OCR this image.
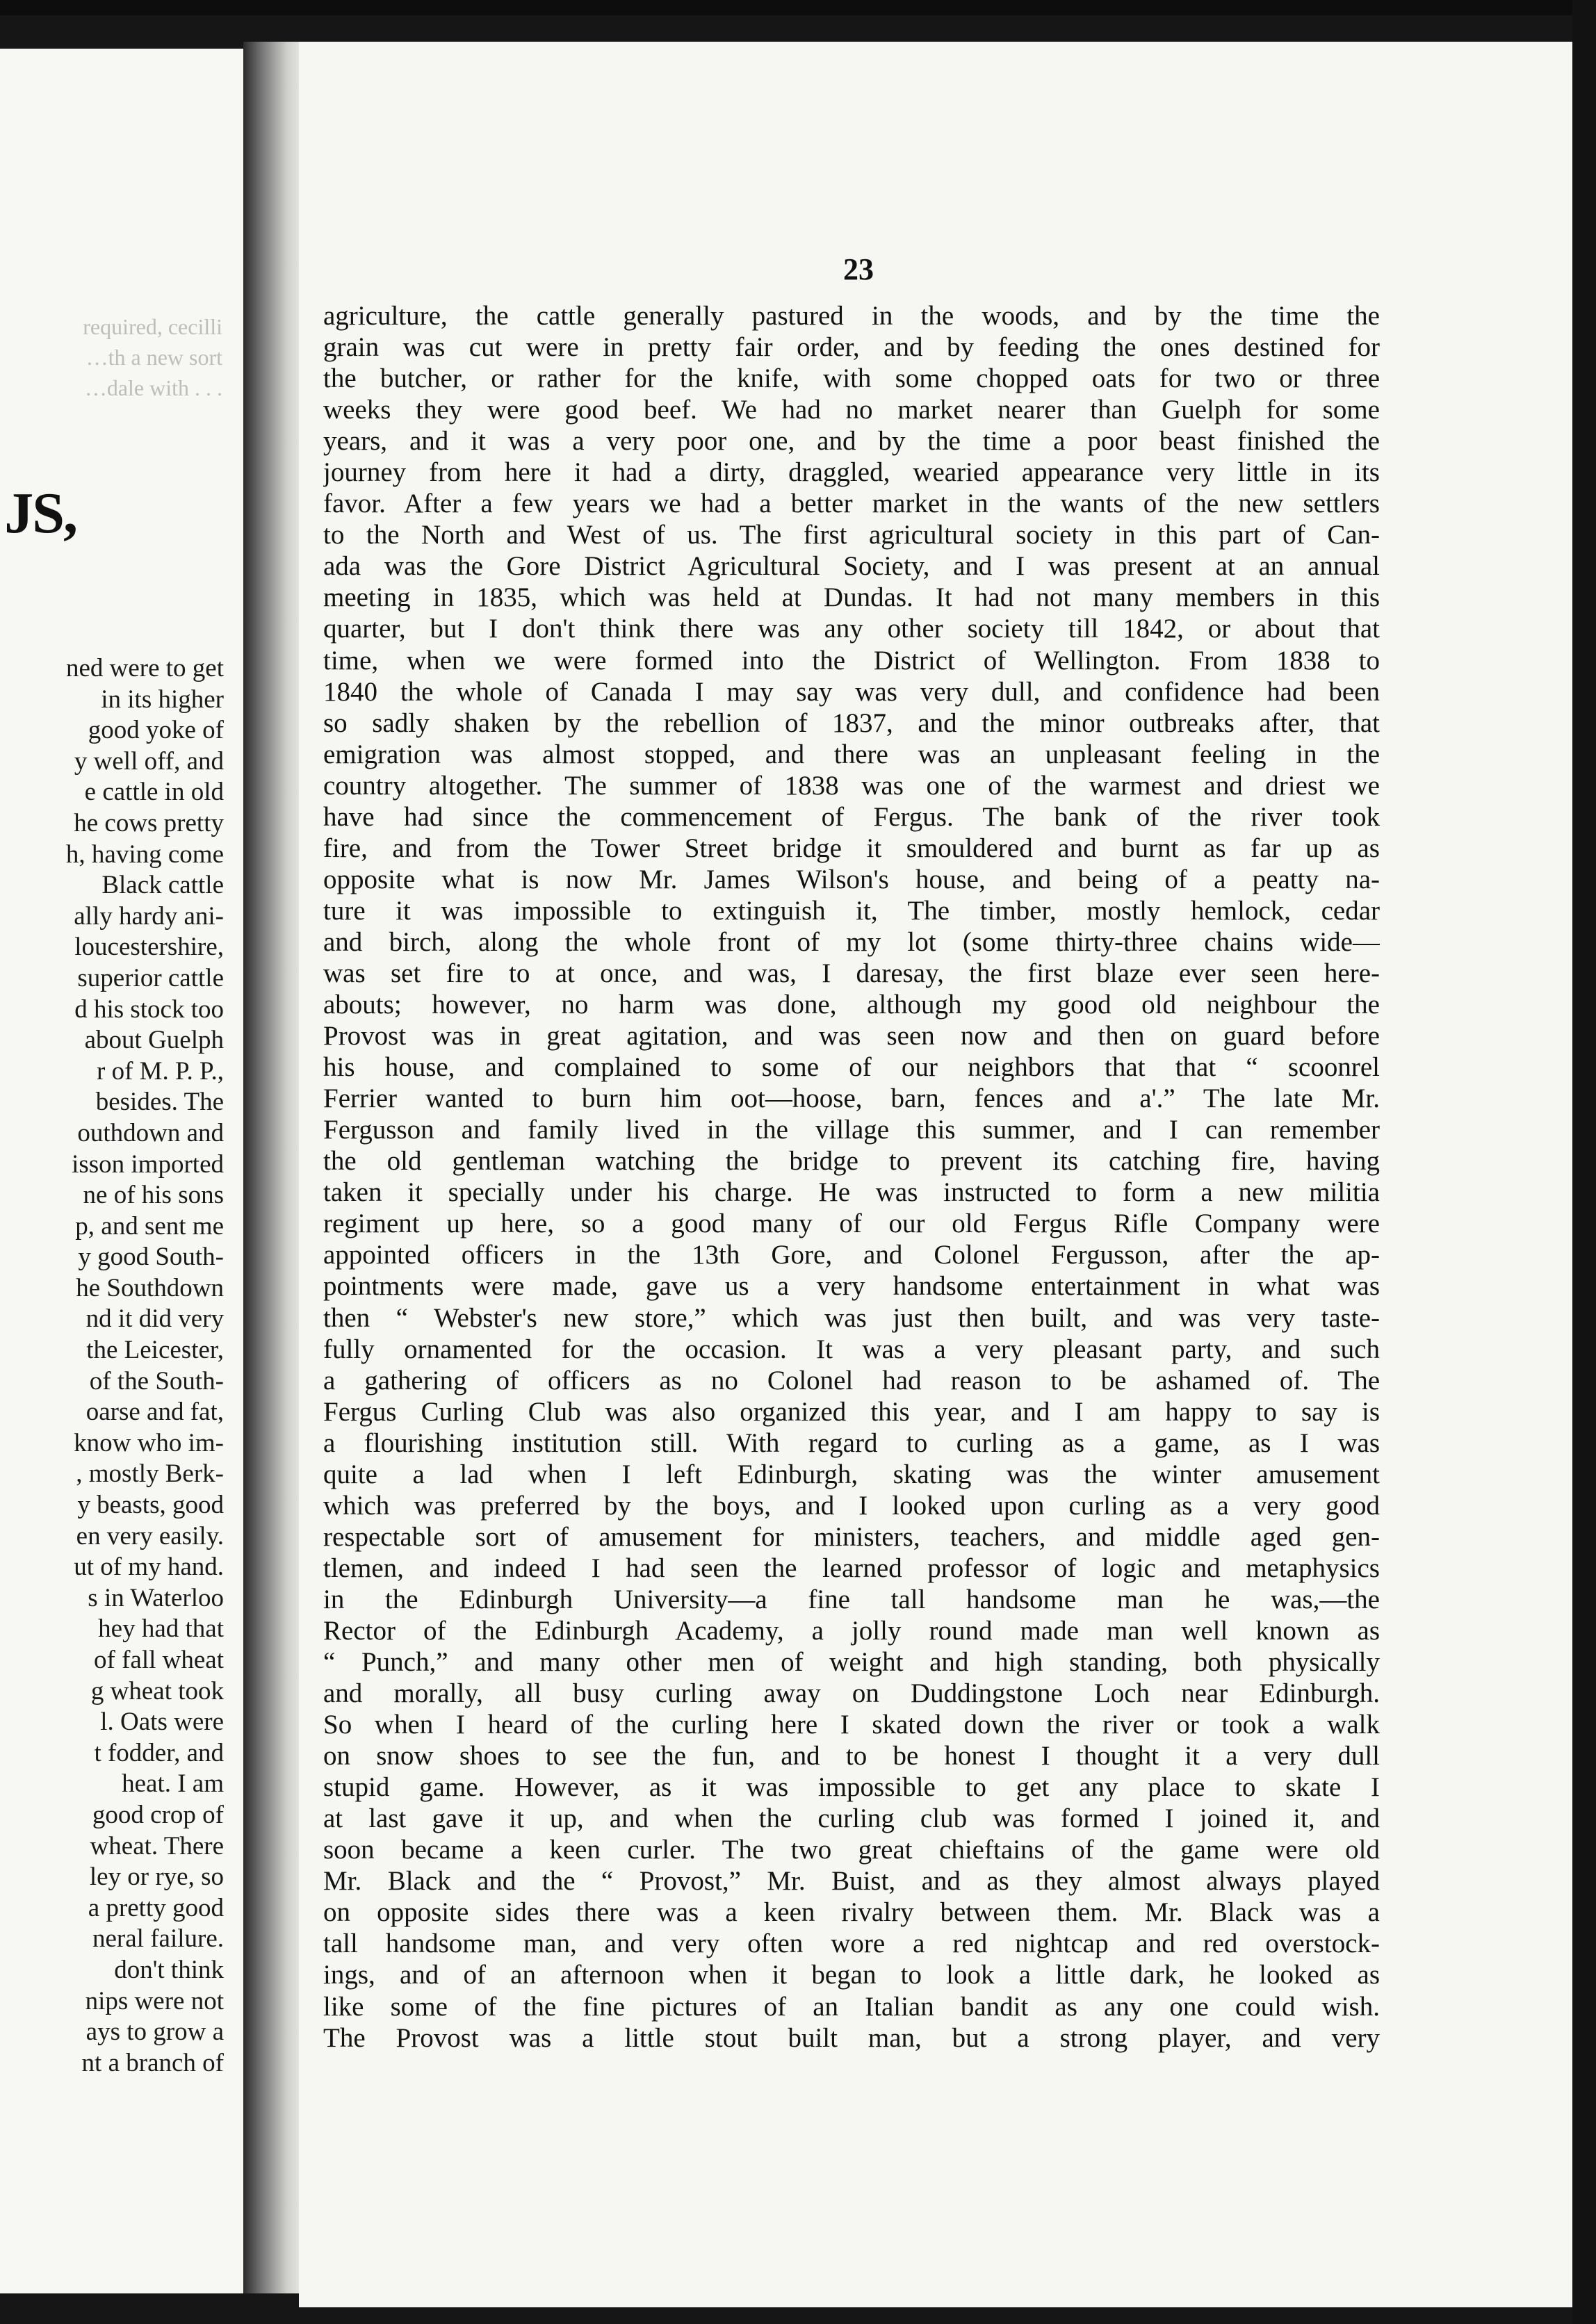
required, cecilli
…th a new sort
…dale with . . .
JS,
ned were to get
in its higher
good yoke of
y well off, and
e cattle in old
he cows pretty
h, having come
Black cattle
ally hardy ani-
loucestershire,
superior cattle
d his stock too
about Guelph
r of M. P. P.,
besides. The
outhdown and
isson imported
ne of his sons
p, and sent me
y good South-
he Southdown
nd it did very
the Leicester,
of the South-
oarse and fat,
know who im-
, mostly Berk-
y beasts, good
en very easily.
ut of my hand.
s in Waterloo
hey had that
of fall wheat
g wheat took
l. Oats were
t fodder, and
heat. I am
good crop of
wheat. There
ley or rye, so
a pretty good
neral failure.
don't think
nips were not
ays to grow a
nt a branch of
23
agriculture, the cattle generally pastured in the woods, and by the time the
grain was cut were in pretty fair order, and by feeding the ones destined for
the butcher, or rather for the knife, with some chopped oats for two or three
weeks they were good beef. We had no market nearer than Guelph for some
years, and it was a very poor one, and by the time a poor beast finished the
journey from here it had a dirty, draggled, wearied appearance very little in its
favor. After a few years we had a better market in the wants of the new settlers
to the North and West of us. The first agricultural society in this part of Can-
ada was the Gore District Agricultural Society, and I was present at an annual
meeting in 1835, which was held at Dundas. It had not many members in this
quarter, but I don't think there was any other society till 1842, or about that
time, when we were formed into the District of Wellington. From 1838 to
1840 the whole of Canada I may say was very dull, and confidence had been
so sadly shaken by the rebellion of 1837, and the minor outbreaks after, that
emigration was almost stopped, and there was an unpleasant feeling in the
country altogether. The summer of 1838 was one of the warmest and driest we
have had since the commencement of Fergus. The bank of the river took
fire, and from the Tower Street bridge it smouldered and burnt as far up as
opposite what is now Mr. James Wilson's house, and being of a peatty na-
ture it was impossible to extinguish it, The timber, mostly hemlock, cedar
and birch, along the whole front of my lot (some thirty-three chains wide—
was set fire to at once, and was, I daresay, the first blaze ever seen here-
abouts; however, no harm was done, although my good old neighbour the
Provost was in great agitation, and was seen now and then on guard before
his house, and complained to some of our neighbors that that “ scoonrel
Ferrier wanted to burn him oot—hoose, barn, fences and a'.” The late Mr.
Fergusson and family lived in the village this summer, and I can remember
the old gentleman watching the bridge to prevent its catching fire, having
taken it specially under his charge. He was instructed to form a new militia
regiment up here, so a good many of our old Fergus Rifle Company were
appointed officers in the 13th Gore, and Colonel Fergusson, after the ap-
pointments were made, gave us a very handsome entertainment in what was
then “ Webster's new store,” which was just then built, and was very taste-
fully ornamented for the occasion. It was a very pleasant party, and such
a gathering of officers as no Colonel had reason to be ashamed of. The
Fergus Curling Club was also organized this year, and I am happy to say is
a flourishing institution still. With regard to curling as a game, as I was
quite a lad when I left Edinburgh, skating was the winter amusement
which was preferred by the boys, and I looked upon curling as a very good
respectable sort of amusement for ministers, teachers, and middle aged gen-
tlemen, and indeed I had seen the learned professor of logic and metaphysics
in the Edinburgh University—a fine tall handsome man he was,—the
Rector of the Edinburgh Academy, a jolly round made man well known as
“ Punch,” and many other men of weight and high standing, both physically
and morally, all busy curling away on Duddingstone Loch near Edinburgh.
So when I heard of the curling here I skated down the river or took a walk
on snow shoes to see the fun, and to be honest I thought it a very dull
stupid game. However, as it was impossible to get any place to skate I
at last gave it up, and when the curling club was formed I joined it, and
soon became a keen curler. The two great chieftains of the game were old
Mr. Black and the “ Provost,” Mr. Buist, and as they almost always played
on opposite sides there was a keen rivalry between them. Mr. Black was a
tall handsome man, and very often wore a red nightcap and red overstock-
ings, and of an afternoon when it began to look a little dark, he looked as
like some of the fine pictures of an Italian bandit as any one could wish.
The Provost was a little stout built man, but a strong player, and very
